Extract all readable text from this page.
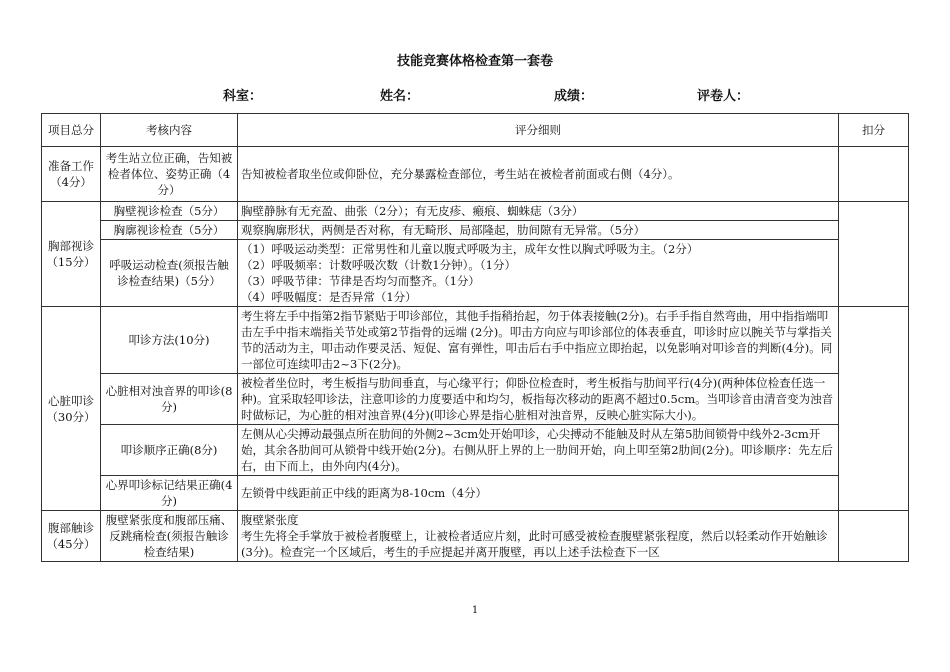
技能竞赛体格检查第一套卷
科室：	姓名：	成绩：	评卷人：
项目总分	考核内容	评分细则	扣分
准备工作（4分）	考生站立位正确，告知被检者体位、姿势正确（4分）	告知被检者取坐位或仰卧位，充分暴露检查部位，考生站在被检者前面或右侧（4分）。	
胸部视诊（15分）	胸壁视诊检查（5分）	胸壁静脉有无充盈、曲张（2分）；有无皮疹、瘢痕、蜘蛛痣（3分）	
	胸廓视诊检查（5分）	观察胸廓形状，两侧是否对称，有无畸形、局部隆起，肋间隙有无异常。（5分）	
	呼吸运动检查(须报告触诊检查结果)（5分）	（1）呼吸运动类型：正常男性和儿童以腹式呼吸为主，成年女性以胸式呼吸为主。（2分）
（2）呼吸频率：计数呼吸次数（计数1分钟）。（1分）
（3）呼吸节律：节律是否均匀而整齐。（1分）
（4）呼吸幅度：是否异常（1分）	

心脏叩诊（30分）	叩诊方法(10分)	考生将左手中指第2指节紧贴于叩诊部位，其他手指稍抬起，勿于体表接触(2分)。右手手指自然弯曲，用中指指端叩击左手中指末端指关节处或第2节指骨的远端 (2分)。叩击方向应与叩诊部位的体表垂直，叩诊时应以腕关节与掌指关节的活动为主，叩击动作要灵活、短促、富有弹性，叩击后右手中指应立即抬起，以免影响对叩诊音的判断(4分)。同一部位可连续叩击2~3下(2分)。	
	心脏相对浊音界的叩诊(8分)	被检者坐位时，考生板指与肋间垂直，与心缘平行；仰卧位检查时，考生板指与肋间平行(4分)(两种体位检查任选一种)。宜采取轻叩诊法，注意叩诊的力度要适中和均匀，板指每次移动的距离不超过0.5cm。当叩诊音由清音变为浊音时做标记，为心脏的相对浊音界(4分)(叩诊心界是指心脏相对浊音界，反映心脏实际大小)。	
	叩诊顺序正确(8分)	左侧从心尖搏动最强点所在肋间的外侧2~3cm处开始叩诊，心尖搏动不能触及时从左第5肋间锁骨中线外2-3cm开始，其余各肋间可从锁骨中线开始(2分)。右侧从肝上界的上一肋间开始，向上叩至第2肋间(2分)。叩诊顺序：先左后右，由下而上，由外向内(4分)。	
	心界叩诊标记结果正确(4分)	左锁骨中线距前正中线的距离为8-10cm（4分）	
腹部触诊（45分）	腹壁紧张度和腹部压痛、反跳痛检查(须报告触诊检查结果)	腹壁紧张度
考生先将全手掌放于被检者腹壁上，让被检者适应片刻，此时可感受被检查腹壁紧张程度，然后以轻柔动作开始触诊(3分)。检查完一个区域后，考生的手应提起并离开腹壁，再以上述手法检查下一区	

1
